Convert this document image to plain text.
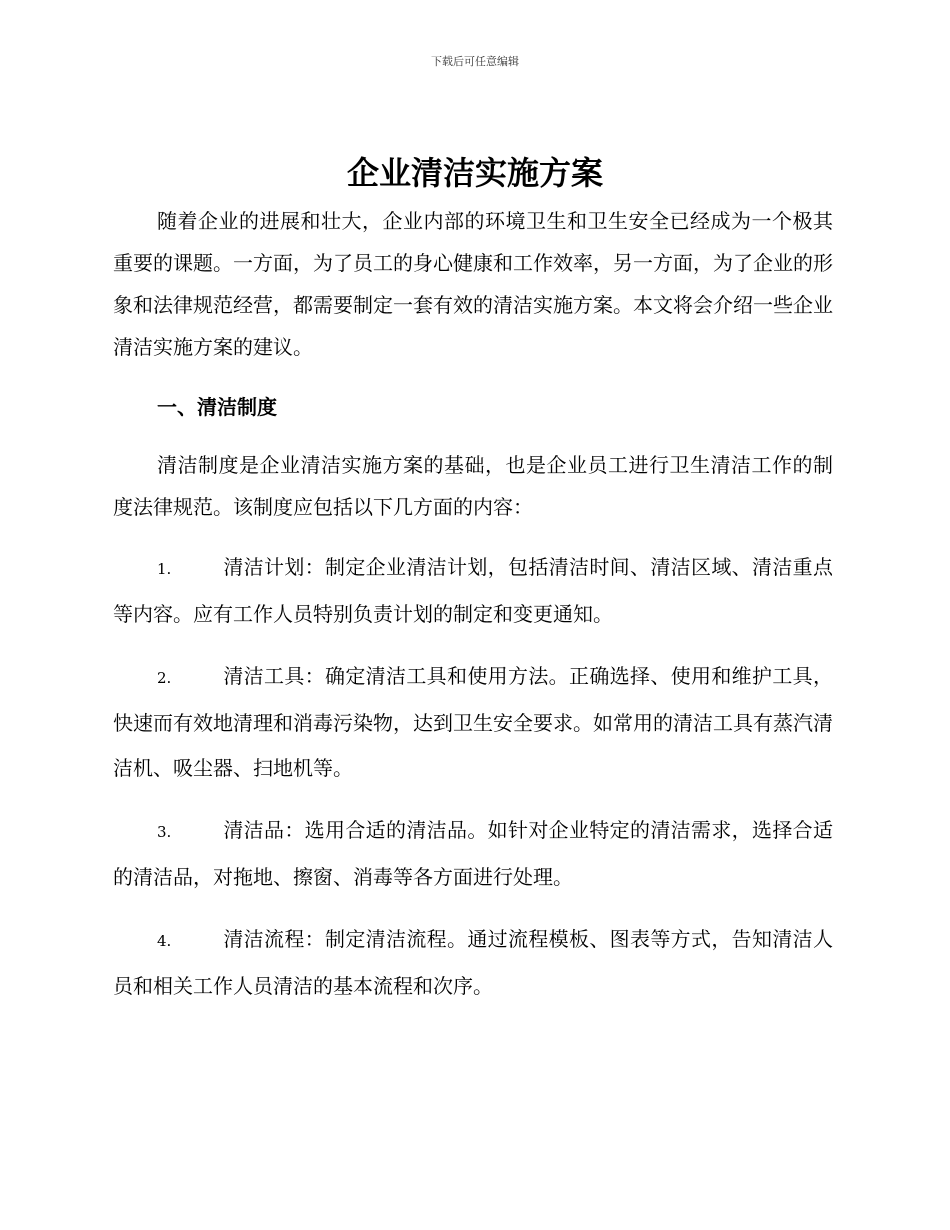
下载后可任意编辑
企业清洁实施方案

随着企业的进展和壮大，企业内部的环境卫生和卫生安全已经成为一个极其重要的课题。一方面，为了员工的身心健康和工作效率，另一方面，为了企业的形象和法律规范经营，都需要制定一套有效的清洁实施方案。本文将会介绍一些企业清洁实施方案的建议。

一、清洁制度

清洁制度是企业清洁实施方案的基础，也是企业员工进行卫生清洁工作的制度法律规范。该制度应包括以下几方面的内容：

1.	清洁计划：制定企业清洁计划，包括清洁时间、清洁区域、清洁重点等内容。应有工作人员特别负责计划的制定和变更通知。

2.	清洁工具：确定清洁工具和使用方法。正确选择、使用和维护工具，快速而有效地清理和消毒污染物，达到卫生安全要求。如常用的清洁工具有蒸汽清洁机、吸尘器、扫地机等。

3.	清洁品：选用合适的清洁品。如针对企业特定的清洁需求，选择合适的清洁品，对拖地、擦窗、消毒等各方面进行处理。

4.	清洁流程：制定清洁流程。通过流程模板、图表等方式，告知清洁人员和相关工作人员清洁的基本流程和次序。
